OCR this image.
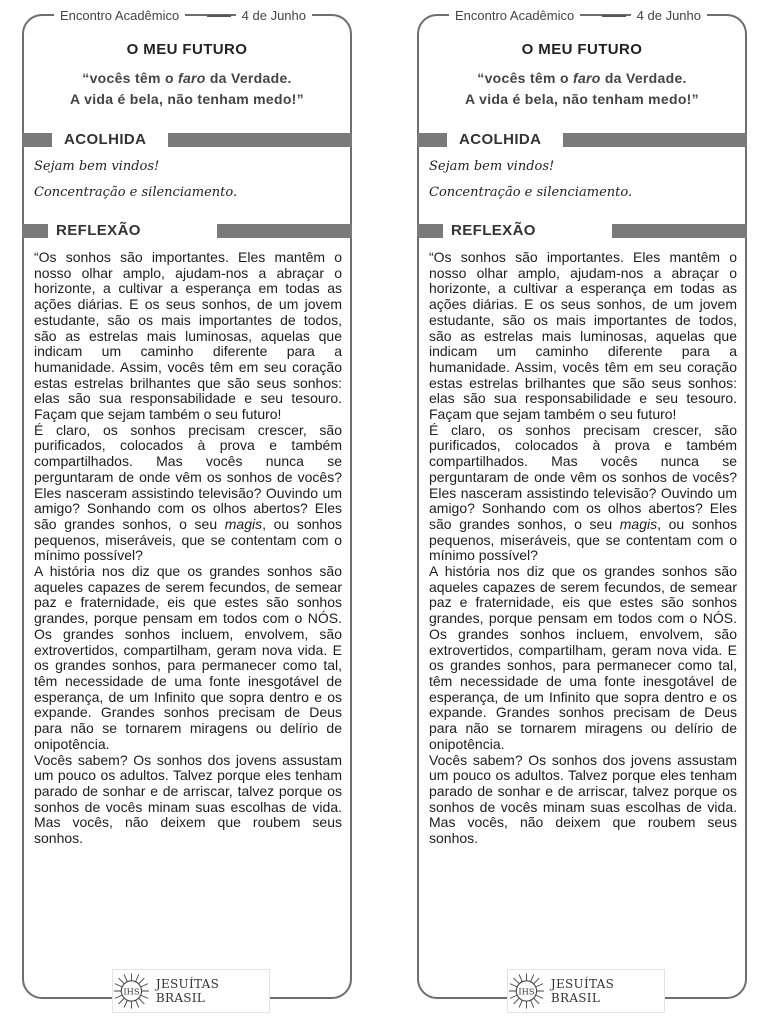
Encontro Acadêmico	4 de Junho
O MEU FUTURO
“vocês têm o faro da Verdade.
A vida é bela, não tenham medo!”
ACOLHIDA
Sejam bem vindos!
Concentração e silenciamento.
REFLEXÃO

“Os sonhos são importantes. Eles mantêm o nosso olhar amplo, ajudam-nos a abraçar o horizonte, a cultivar a esperança em todas as ações diárias. E os seus sonhos, de um jovem estudante, são os mais importantes de todos, são as estrelas mais luminosas, aquelas que indicam um caminho diferente para a humanidade. Assim, vocês têm em seu coração estas estrelas brilhantes que são seus sonhos: elas são sua responsabilidade e seu tesouro. Façam que sejam também o seu futuro!

É claro, os sonhos precisam crescer, são purificados, colocados à prova e também compartilhados. Mas vocês nunca se perguntaram de onde vêm os sonhos de vocês? Eles nasceram assistindo televisão? Ouvindo um amigo? Sonhando com os olhos abertos? Eles são grandes sonhos, o seu magis, ou sonhos pequenos, miseráveis, que se contentam com o mínimo possível?

A história nos diz que os grandes sonhos são aqueles capazes de serem fecundos, de semear paz e fraternidade, eis que estes são sonhos grandes, porque pensam em todos com o NÓS. Os grandes sonhos incluem, envolvem, são extrovertidos, compartilham, geram nova vida. E os grandes sonhos, para permanecer como tal, têm necessidade de uma fonte inesgotável de esperança, de um Infinito que sopra dentro e os expande. Grandes sonhos precisam de Deus para não se tornarem miragens ou delírio de onipotência.

Vocês sabem? Os sonhos dos jovens assustam um pouco os adultos. Talvez porque eles tenham parado de sonhar e de arriscar, talvez porque os sonhos de vocês minam suas escolhas de vida. Mas vocês, não deixem que roubem seus sonhos.

IHS
JESUÍTAS BRASIL
Encontro Acadêmico	4 de Junho
O MEU FUTURO
“vocês têm o faro da Verdade.
A vida é bela, não tenham medo!”
ACOLHIDA
Sejam bem vindos!
Concentração e silenciamento.
REFLEXÃO

“Os sonhos são importantes. Eles mantêm o nosso olhar amplo, ajudam-nos a abraçar o horizonte, a cultivar a esperança em todas as ações diárias. E os seus sonhos, de um jovem estudante, são os mais importantes de todos, são as estrelas mais luminosas, aquelas que indicam um caminho diferente para a humanidade. Assim, vocês têm em seu coração estas estrelas brilhantes que são seus sonhos: elas são sua responsabilidade e seu tesouro. Façam que sejam também o seu futuro!

É claro, os sonhos precisam crescer, são purificados, colocados à prova e também compartilhados. Mas vocês nunca se perguntaram de onde vêm os sonhos de vocês? Eles nasceram assistindo televisão? Ouvindo um amigo? Sonhando com os olhos abertos? Eles são grandes sonhos, o seu magis, ou sonhos pequenos, miseráveis, que se contentam com o mínimo possível?

A história nos diz que os grandes sonhos são aqueles capazes de serem fecundos, de semear paz e fraternidade, eis que estes são sonhos grandes, porque pensam em todos com o NÓS. Os grandes sonhos incluem, envolvem, são extrovertidos, compartilham, geram nova vida. E os grandes sonhos, para permanecer como tal, têm necessidade de uma fonte inesgotável de esperança, de um Infinito que sopra dentro e os expande. Grandes sonhos precisam de Deus para não se tornarem miragens ou delírio de onipotência.

Vocês sabem? Os sonhos dos jovens assustam um pouco os adultos. Talvez porque eles tenham parado de sonhar e de arriscar, talvez porque os sonhos de vocês minam suas escolhas de vida. Mas vocês, não deixem que roubem seus sonhos.

IHS
JESUÍTAS BRASIL
